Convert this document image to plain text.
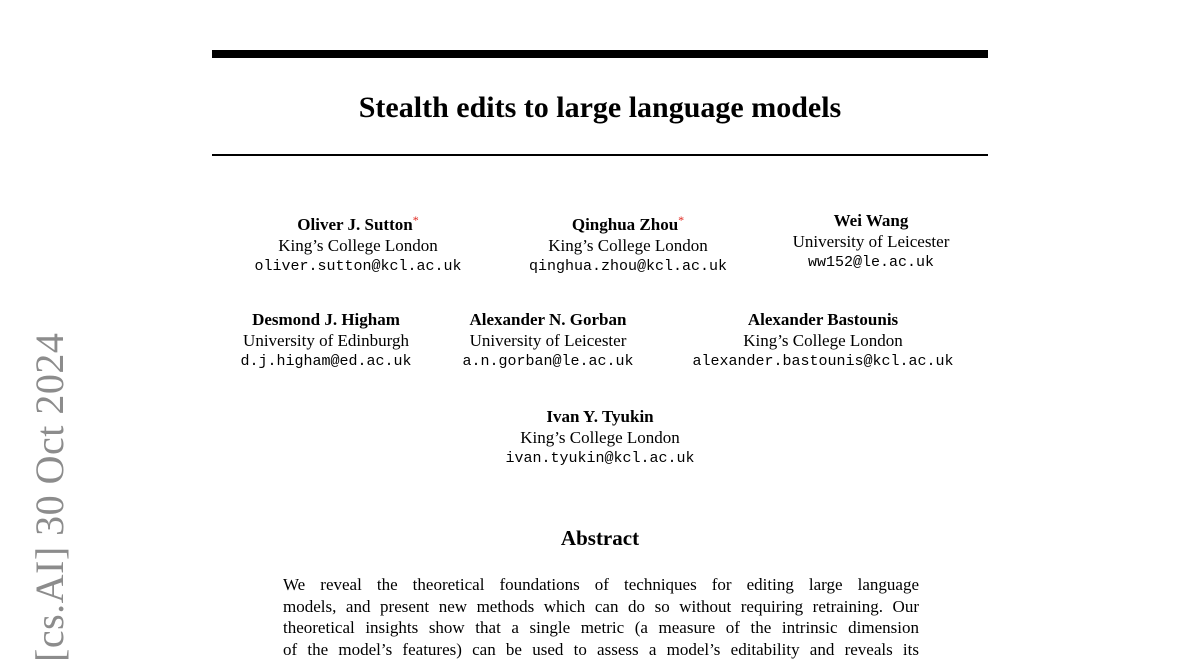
[cs.AI] 30 Oct 2024
Stealth edits to large language models
Oliver J. Sutton*
King’s College London
oliver.sutton@kcl.ac.uk
Qinghua Zhou*
King’s College London
qinghua.zhou@kcl.ac.uk
Wei Wang
University of Leicester
ww152@le.ac.uk
Desmond J. Higham
University of Edinburgh
d.j.higham@ed.ac.uk
Alexander N. Gorban
University of Leicester
a.n.gorban@le.ac.uk
Alexander Bastounis
King’s College London
alexander.bastounis@kcl.ac.uk
Ivan Y. Tyukin
King’s College London
ivan.tyukin@kcl.ac.uk
Abstract
We reveal the theoretical foundations of techniques for editing large language
models, and present new methods which can do so without requiring retraining. Our
theoretical insights show that a single metric (a measure of the intrinsic dimension
of the model’s features) can be used to assess a model’s editability and reveals its
